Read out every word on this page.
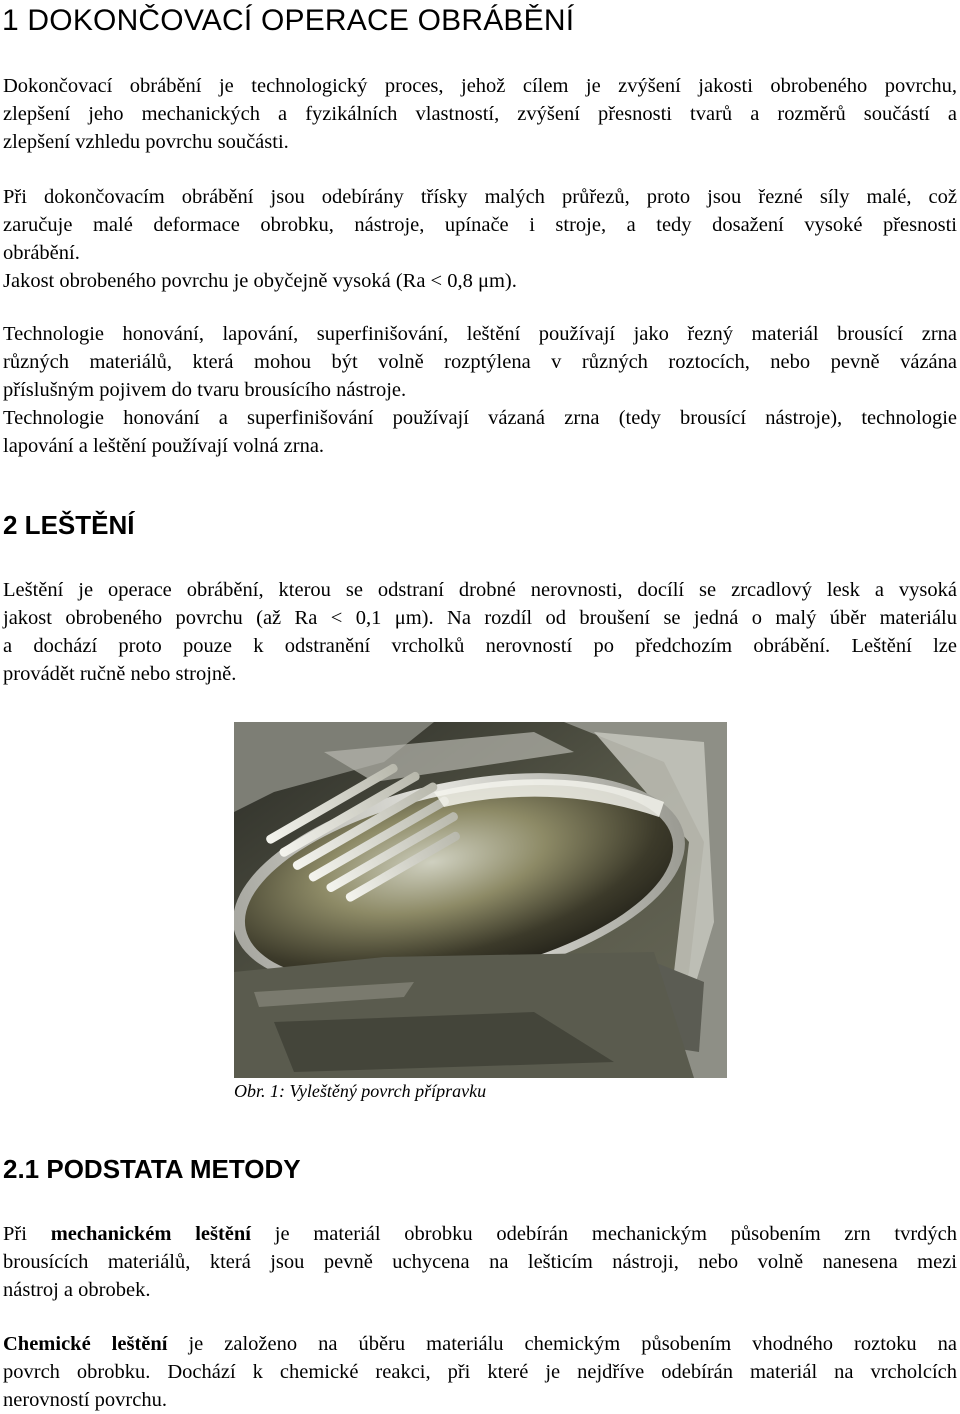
1 DOKONČOVACÍ OPERACE OBRÁBĚNÍ
Dokončovací obrábění je technologický proces, jehož cílem je zvýšení jakosti obrobeného povrchu,
zlepšení jeho mechanických a fyzikálních vlastností, zvýšení přesnosti tvarů a rozměrů součástí a
zlepšení vzhledu povrchu součásti.
Při dokončovacím obrábění jsou odebírány třísky malých průřezů, proto jsou řezné síly malé, což
zaručuje malé deformace obrobku, nástroje, upínače i stroje, a tedy dosažení vysoké přesnosti
obrábění.
Jakost obrobeného povrchu je obyčejně vysoká (Ra < 0,8 μm).
Technologie honování, lapování, superfinišování, leštění používají jako řezný materiál brousící zrna
různých materiálů, která mohou být volně rozptýlena v různých roztocích, nebo pevně vázána
příslušným pojivem do tvaru brousícího nástroje.
Technologie honování a superfinišování používají vázaná zrna (tedy brousící nástroje), technologie
lapování a leštění používají volná zrna.
2 LEŠTĚNÍ
Leštění je operace obrábění, kterou se odstraní drobné nerovnosti, docílí se zrcadlový lesk a vysoká
jakost obrobeného povrchu (až Ra < 0,1 μm). Na rozdíl od broušení se jedná o malý úběr materiálu
a dochází proto pouze k odstranění vrcholků nerovností po předchozím obrábění. Leštění lze
provádět ručně nebo strojně.
Obr. 1: Vyleštěný povrch přípravku
2.1 PODSTATA METODY
Při mechanickém leštění je materiál obrobku odebírán mechanickým působením zrn tvrdých
brousících materiálů, která jsou pevně uchycena na lešticím nástroji, nebo volně nanesena mezi
nástroj a obrobek.
Chemické leštění je založeno na úběru materiálu chemickým působením vhodného roztoku na
povrch obrobku. Dochází k chemické reakci, při které je nejdříve odebírán materiál na vrcholcích
nerovností povrchu.
